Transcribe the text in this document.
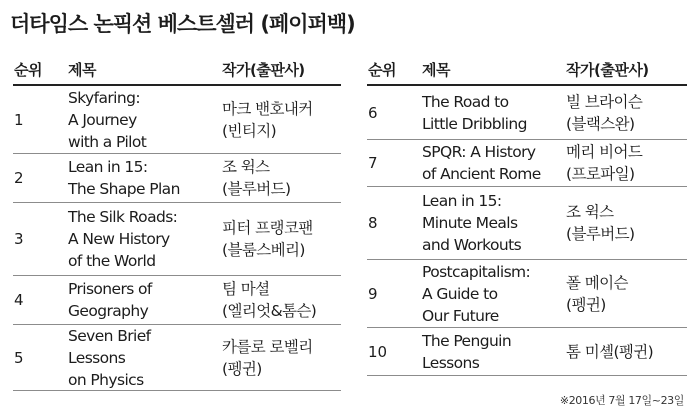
더타임스 논픽션 베스트셀러 (페이퍼백)
순위 제목	작가(출판사)
1
Skyfaring:
A Journey
with a Pilot
마크 밴호내커
(빈티지)
2
Lean in 15:
The Shape Plan
조 윅스
(블루버드)
3
The Silk Roads:
A New History
of the World
피터 프랭코팬
(블룸스베리)
4
Prisoners of
Geography
팀 마셜
(엘리엇&톰슨)
5
Seven Brief
Lessons
on Physics
카를로 로벨리
(펭귄)
순위 제목	작가(출판사)
6
The Road to
Little Dribbling
빌 브라이슨
(블랙스완)
7
SPQR: A History
of Ancient Rome
메리 비어드
(프로파일)
8
Lean in 15:
Minute Meals
and Workouts
조 윅스
(블루버드)
9
Postcapitalism:
A Guide to
Our Future
폴 메이슨
(펭귄)
10
The Penguin
Lessons
톰 미셸(펭귄)
※2016년 7월 17일~23일
